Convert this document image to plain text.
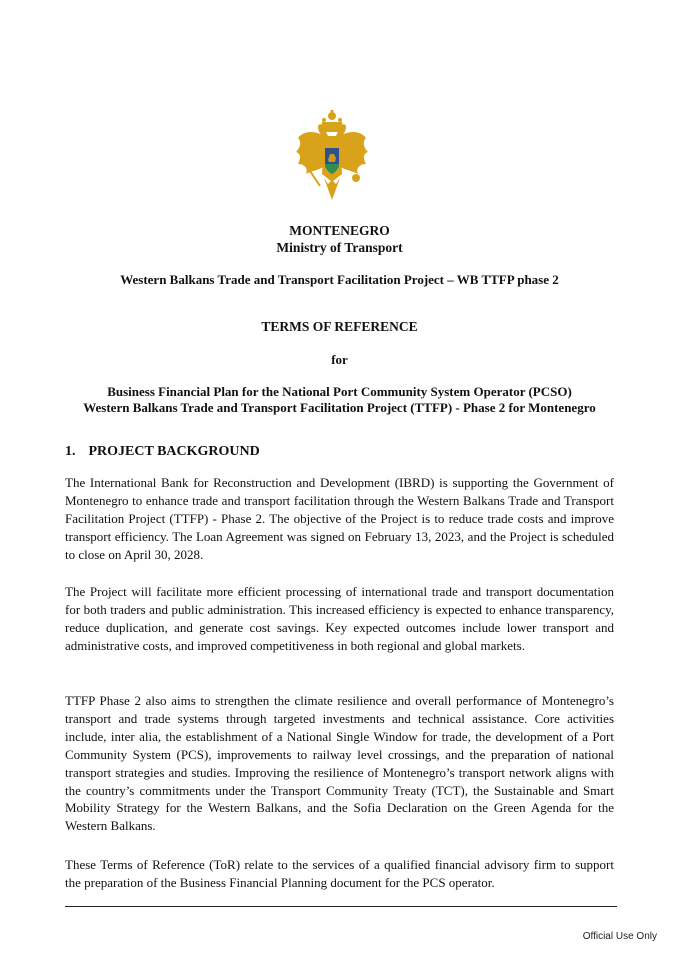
MONTENEGRO
Ministry of Transport
Western Balkans Trade and Transport Facilitation Project – WB TTFP phase 2
TERMS OF REFERENCE
for
Business Financial Plan for the National Port Community System Operator (PCSO)
Western Balkans Trade and Transport Facilitation Project (TTFP) - Phase 2 for Montenegro
1. PROJECT BACKGROUND

The International Bank for Reconstruction and Development (IBRD) is supporting the Government of Montenegro to enhance trade and transport facilitation through the Western Balkans Trade and Transport Facilitation Project (TTFP) - Phase 2. The objective of the Project is to reduce trade costs and improve transport efficiency. The Loan Agreement was signed on February 13, 2023, and the Project is scheduled to close on April 30, 2028.

The Project will facilitate more efficient processing of international trade and transport documentation for both traders and public administration. This increased efficiency is expected to enhance transparency, reduce duplication, and generate cost savings. Key expected outcomes include lower transport and administrative costs, and improved competitiveness in both regional and global markets.

TTFP Phase 2 also aims to strengthen the climate resilience and overall performance of Montenegro’s transport and trade systems through targeted investments and technical assistance. Core activities include, inter alia, the establishment of a National Single Window for trade, the development of a Port Community System (PCS), improvements to railway level crossings, and the preparation of national transport strategies and studies. Improving the resilience of Montenegro’s transport network aligns with the country’s commitments under the Transport Community Treaty (TCT), the Sustainable and Smart Mobility Strategy for the Western Balkans, and the Sofia Declaration on the Green Agenda for the Western Balkans.

These Terms of Reference (ToR) relate to the services of a qualified financial advisory firm to support the preparation of the Business Financial Planning document for the PCS operator.

Official Use Only
